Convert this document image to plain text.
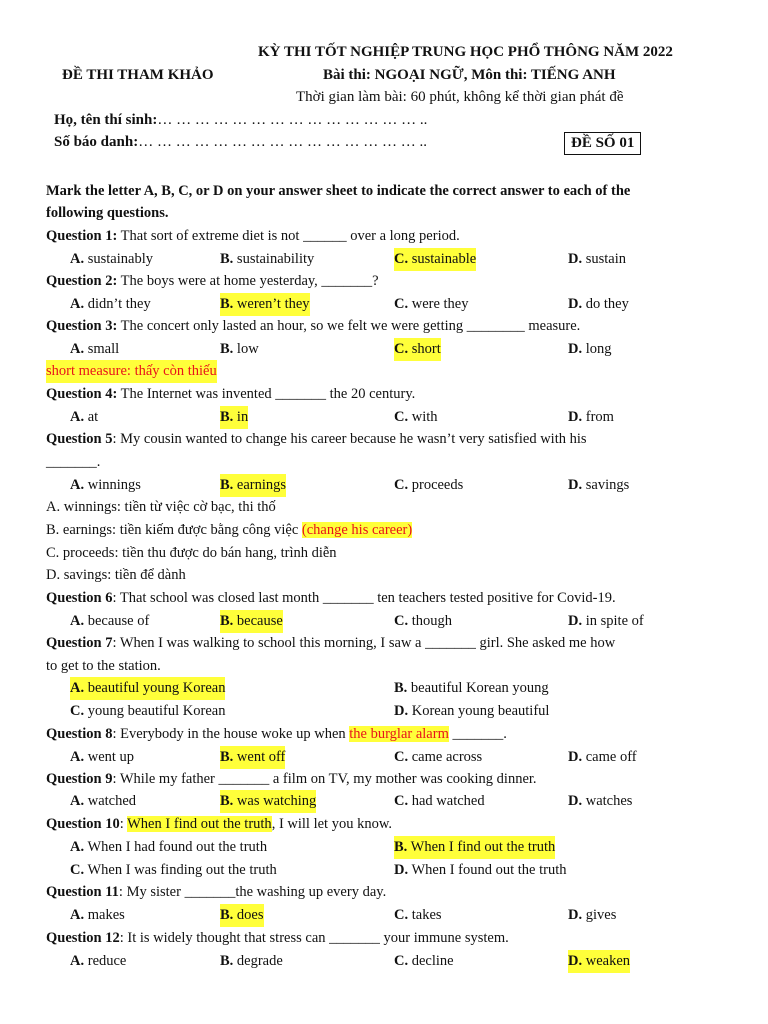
KỲ THI TỐT NGHIỆP TRUNG HỌC PHỔ THÔNG NĂM 2022
ĐỀ THI THAM KHẢO	Bài thi: NGOẠI NGỮ, Môn thi: TIẾNG ANH
Thời gian làm bài: 60 phút, không kể thời gian phát đề
Họ, tên thí sinh:… … … … … … … … … … … … … … ..
Số báo danh:… … … … … … … … … … … … … … … ..	ĐỀ SỐ 01
Mark the letter A, B, C, or D on your answer sheet to indicate the correct answer to each of the
following questions.
Question 1: That sort of extreme diet is not ______ over a long period.
A. sustainably	B. sustainability	C. sustainable	D. sustain
Question 2: The boys were at home yesterday, _______?
A. didn’t they	B. weren’t they	C. were they	D. do they
Question 3: The concert only lasted an hour, so we felt we were getting ________ measure.
A. small	B. low	C. short	D. long
short measure: thấy còn thiếu
Question 4: The Internet was invented _______ the 20 century.
A. at	B. in	C. with	D. from
Question 5: My cousin wanted to change his career because he wasn’t very satisfied with his
_______.
A. winnings	B. earnings	C. proceeds	D. savings
A. winnings: tiền từ việc cờ bạc, thi thố
B. earnings: tiền kiếm được bằng công việc (change his career)
C. proceeds: tiền thu được do bán hang, trình diễn
D. savings: tiền để dành
Question 6: That school was closed last month _______ ten teachers tested positive for Covid-19.
A. because of	B. because	C. though	D. in spite of
Question 7: When I was walking to school this morning, I saw a _______ girl. She asked me how
to get to the station.
A. beautiful young Korean	B. beautiful Korean young
C. young beautiful Korean	D. Korean young beautiful
Question 8: Everybody in the house woke up when the burglar alarm _______.
A. went up	B. went off	C. came across	D. came off
Question 9: While my father _______ a film on TV, my mother was cooking dinner.
A. watched	B. was watching	C. had watched	D. watches
Question 10: When I find out the truth, I will let you know.
A. When I had found out the truth	B. When I find out the truth
C. When I was finding out the truth	D. When I found out the truth
Question 11: My sister _______the washing up every day.
A. makes	B. does	C. takes	D. gives
Question 12: It is widely thought that stress can _______ your immune system.
A. reduce	B. degrade	C. decline	D. weaken
